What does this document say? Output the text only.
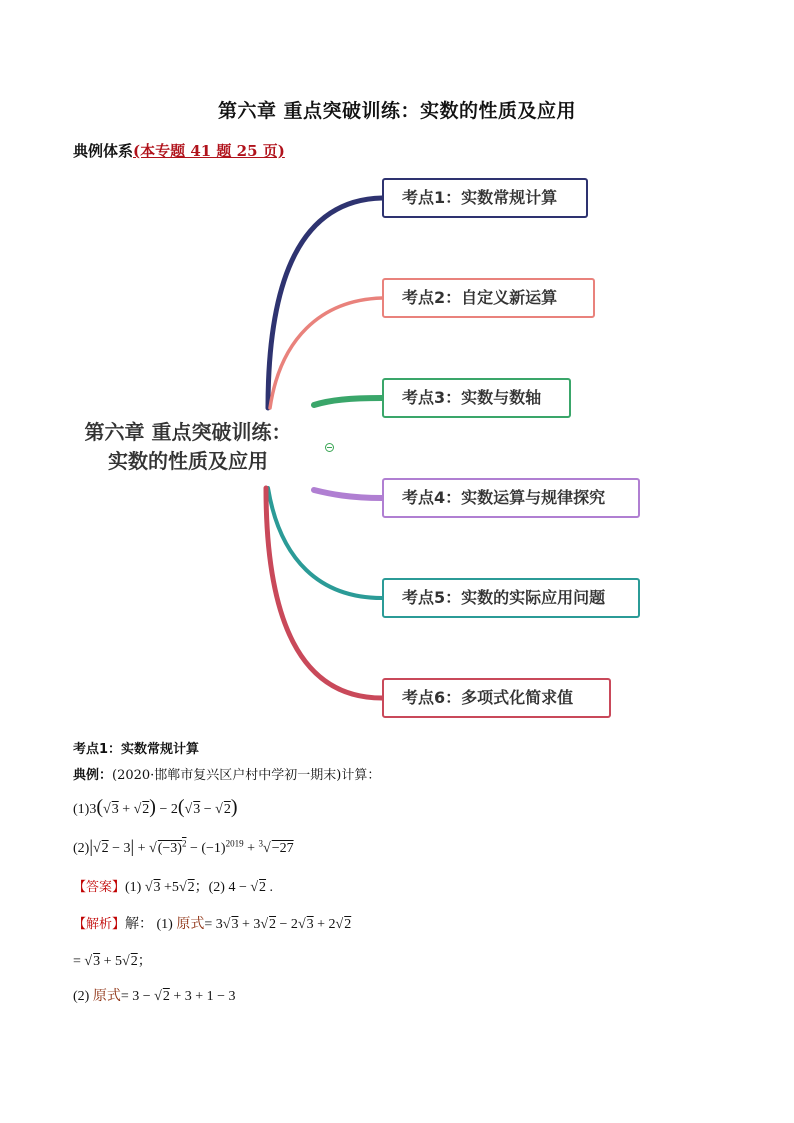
第六章 重点突破训练：实数的性质及应用
典例体系(本专题 41 题 25 页)
第六章 重点突破训练：
实数的性质及应用
考点1：实数常规计算
考点2：自定义新运算
考点3：实数与数轴
考点4：实数运算与规律探究
考点5：实数的实际应用问题
考点6：多项式化简求值
考点1：实数常规计算
典例：(2020·邯郸市复兴区户村中学初一期末)计算：
(1)3(√3 + √2) − 2(√3 − √2)
$(2)|√2 - 3| + √(-3)^2 - (-1)^{2019} + ^3√-27$
【答案】(1) √3 +5√2；(2) 4 − √2 .
【解析】解： (1) 原式= 3√3 + 3√2 − 2√3 + 2√2
= √3 + 5√2；
(2) 原式= 3 − √2 + 3 + 1 − 3
